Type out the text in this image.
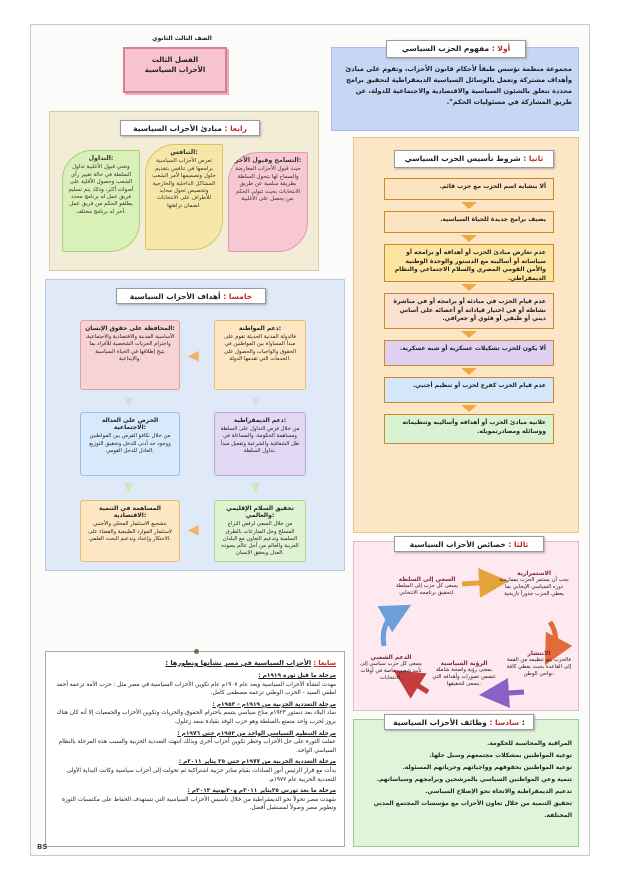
الصف الثالث الثانوي
الفصل الثالث
الأحزاب السياسية
أولا : مفهوم الحزب السياسي
مجموعة منظمة تؤسس طبقاً لأحكام قانون الأحزاب، وتقوم على مبادئ وأهداف مشتركة وتعمل بالوسائل السياسية الديمقراطية لتحقيق برامج محددة تتعلق بالشئون السياسية والاقتصادية والاجتماعية للدولة، عن طريق المشاركة في مسئوليات الحكم".
رابعا : مبادئ الأحزاب السياسية
التسامح وقبول الآخر:
حيث قبول الأحزاب المعارضة والسماح لها بتحول السلطة بطريقة سلمية عن طريق الانتخابات بحيث تتولى الحكم من يحصل على الأغلبية.
التنافس:
تعرض الأحزاب السياسية برامجها في تنافس بتقديم حلول وتصميمها لأمر الشعب المشاكل الداخلية والخارجية وتخصيص تحول محايد للأطراف على الانتخابات لضمان نزاهتها.
التداول:
وتعني قبول الأغلبية تداول السلطة في حالة تغيير رأي الشعب وحصول الأقلية على أصوات أكثر، وذلك يتم تسليم فريق عمل له برنامج محدد يطلقو الحكم من فريق عمل آخر له برنامج مختلف.
ثانيا : شروط تأسيس الحزب السياسي
ألا يتشابه اسم الحزب مع حزب قائم.
يضيف برامج جديدة للحياة السياسية.
عدم تعارض مبادئ الحزب أو أهدافه أو برامجه أو سياساته أو أساليبه مع الدستور والوحدة الوطنية والأمن القومي المصري والسلام الاجتماعي والنظام الديمقراطي.
عدم قيام الحزب في مبادئه أو برامجه أو في مباشرة نشاطه أو في اختيار قياداته أو أعضائه على أساس ديني أو طبقي أو فئوي أو جغرافي.
ألا يكون للحزب تشكيلات عسكرية أو شبه عسكرية.
عدم قيام الحزب كفرع لحزب أو تنظيم أجنبي.
علانية مبادئ الحزب أو أهدافه وأساليبه وتنظيماته ووسائله ومصادرتمويله.
خامسا : أهداف الأحزاب السياسية
دعم المواطنة:
فالدولة المدنية الحديثة تقوم على مبدأ المساواة بين المواطنين في الحقوق والواجبات والحصول على الخدمات التي تقدمها الدولة.
◀
المحافظة على حقوق الإنسان:
الأساسية المدنية والاقتصادية والاجتماعية، واحترام الحريات الشخصية للأفراد بما يتيح إطلاقها في الحياة السياسية والإبداعية.
▼
▼
دعم الديمقراطية:
من خلال فرص التداول على السلطة ومساهمة الحكومة، والمساءلة في ظل الشفافية والشرعية وتفعيل مبدأ تداول السلطة.
الحرص على العدالة الاجتماعية:
من خلال تكافؤ الفرص بين المواطنين ووجود حد أدنى للدخل وتحقيق التوزيع العادل للدخل القومي.
▼
▼
تحقيق السلام الإقليمي والعالمي:
من خلال السعي لرفض النزاع المسلح وحل المنازعات بالطرق السلمية وتدعيم التعاون مع البلدان العربية والعالم من أجل عالم يسوده العدل ويحقق الإنسان.
◀
المساهمة في التنمية الاقتصادية:
بتشجيع الاستثمار المحلي والأجنبي لاستثمار الموارد الطبيعية والقضاء على الاحتكار وإعداد وتدعيم البحث العلمي.
ثالثا : خصائص الأحزاب السياسية
الاستمرارية
يجب أن يستمر الحزب بممارسة دوره السياسي الإيجابي بما يعطي الحزب جذوراً تاريخية
الانتشار
فالحزب يتم تنظيمه من القمة إلى القاعدة بحيث يغطي كافة نواحي الوطن.
الرؤية السياسية
بمعنى رؤية واضحة شاملة تتضمن تصورات وأهدافه التي يسعى لتحقيقها.
الدعم الشعبي
يسعى كل حزب سياسي إلى تأييد شعبي خاصة في أوقات الانتخابات.
السعي إلى السلطة
يسعى كل حزب إلى السلطة لتحقيق برنامجه الانتخابي.
سابعا : الأحزاب السياسية في مصر نشأتها وتطورها :
مرحلة ما قبل ثورة ١٩١٩م :
مهدت لنشأة الأحزاب السياسية ويعد عام ١٩٠٧م عام تكوين الأحزاب السياسية في مصر مثل : حزب الأمة تزعمه أحمد لطفي السيد - الحزب الوطني تزعمه مصطفى كامل.
مرحلة التعددية الحزبية من ١٩١٩م - ١٩٥٢م :
ساد البلاد بعد دستور ١٩٢٣م مناخ سياسي يتسم باحترام الحقوق والحريات وتكوين الأحزاب والجمعيات إلا أنه كان هناك بروز لحزب واحد متمتع بالسلطة وهو حزب الوفد بقيادة سعد زغلول.
مرحلة التنظيم السياسي الواحد من ١٩٥٣م حتى ١٩٧٦م :
عملت الثورة على حل الأحزاب وحظر تكوين أحزاب أخرى وبذلك انتهت التعددية الحزبية والسبب هذه المرحلة بالنظام السياسي الواحد.
مرحلة التعددية الحزبية من ١٩٧٧م حتى ٢٥ يناير ٢٠١١م :
بدأت مع قرار الرئيس أنور السادات بقيام منابر حزبية اشتراكية ثم تحولت إلى أحزاب سياسية وكانت البداية الأولى للتعددية الحزبية عام ١٩٧٧م.
مرحلة ما بعد ثورتي ٢٥يناير ٢٠١١م و٣٠يونية ٢٠١٣م :
شهدت مصر تحولاً نحو الديمقراطية من خلال تأسيس الأحزاب السياسية التي تستهدف الحفاظ على مكتسبات الثورة وتطوير مصر وصولاً لمستقبل أفضل.
سادسا : وظائف الأحزاب السياسية :
المراقبة والمحاسبة للحكومة.
توعية المواطنين بمشكلات مجتمعهم وسبل حلها.
توعية المواطنين بحقوقهم وواجباتهم وحرياتهم المسئولة.
تنمية وعي المواطنين السياسي بالمرشحين وبرامجهم وسياساتهم.
تدعيم الديمقراطية والاتجاه نحو الإصلاح السياسي.
تحقيق التنمية من خلال تعاون الأحزاب مع مؤسسات المجتمع المدني المختلفة.
BS
